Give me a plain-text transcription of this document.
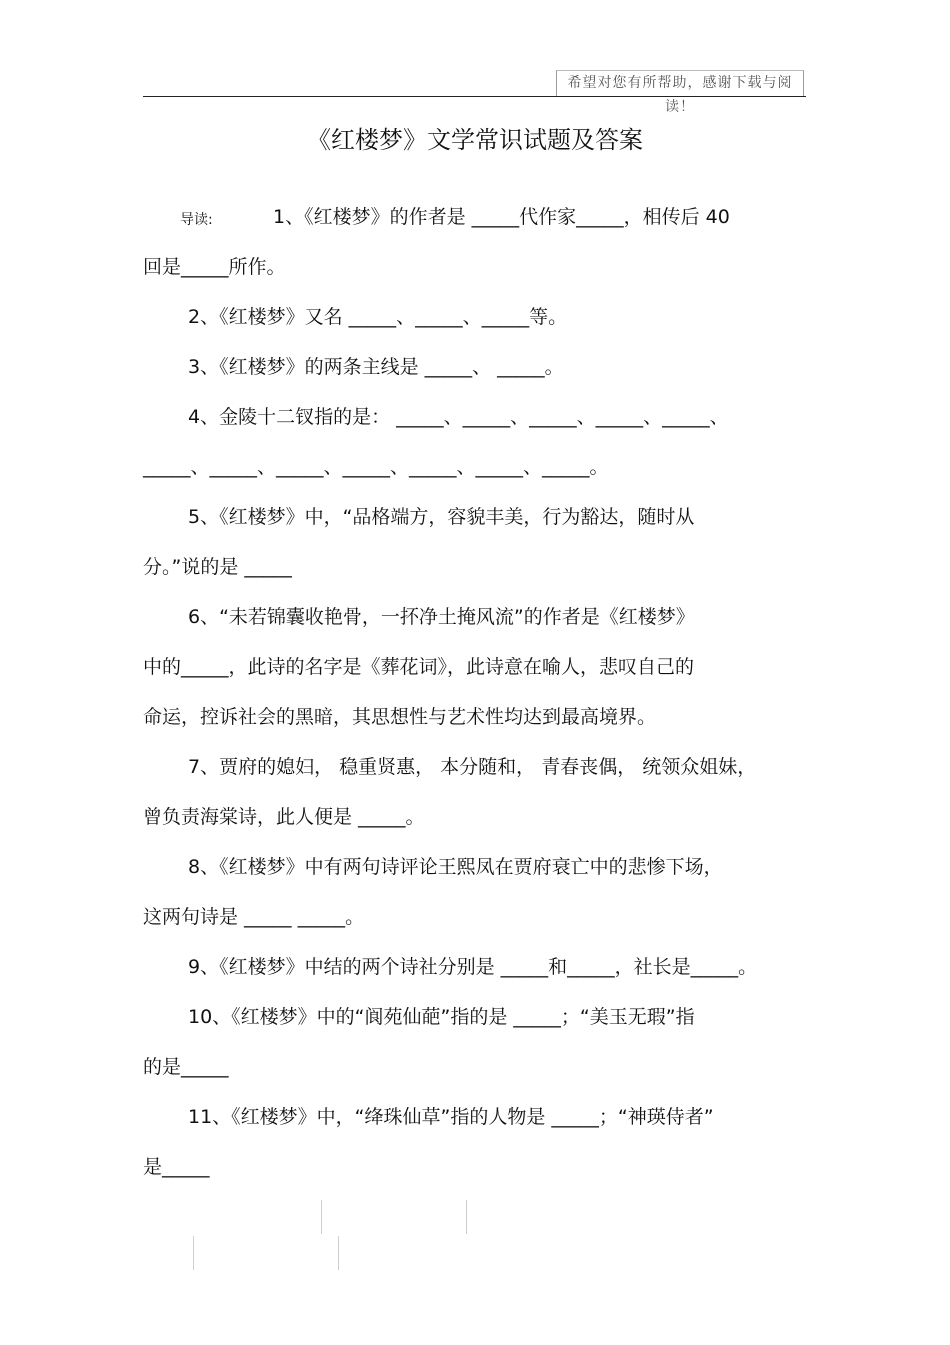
希望对您有所帮助，感谢下载与阅读！
《红楼梦》文学常识试题及答案
导读:	1、《红楼梦》的作者是 _____代作家_____，相传后 40
回是_____所作。
2、《红楼梦》又名 _____、_____、_____等。
3、《红楼梦》的两条主线是 _____、 _____。
4、金陵十二钗指的是： _____、_____、_____、_____、_____、
_____、_____、_____、_____、_____、_____、_____。
5、《红楼梦》中，“品格端方，容貌丰美，行为豁达，随时从
分。”说的是 _____
6、“未若锦囊收艳骨，一抔净土掩风流”的作者是《红楼梦》
中的_____，此诗的名字是《葬花词》，此诗意在喻人，悲叹自己的
命运，控诉社会的黑暗，其思想性与艺术性均达到最高境界。
7、贾府的媳妇， 稳重贤惠， 本分随和， 青春丧偶， 统领众姐妹，
曾负责海棠诗，此人便是 _____。
8、《红楼梦》中有两句诗评论王熙凤在贾府衰亡中的悲惨下场，
这两句诗是 _____ _____。
9、《红楼梦》中结的两个诗社分别是 _____和_____，社长是_____。
10、《红楼梦》中的“阆苑仙葩”指的是 _____；“美玉无瑕”指
的是_____
11、《红楼梦》中，“绛珠仙草”指的人物是 _____；“神瑛侍者”
是_____
